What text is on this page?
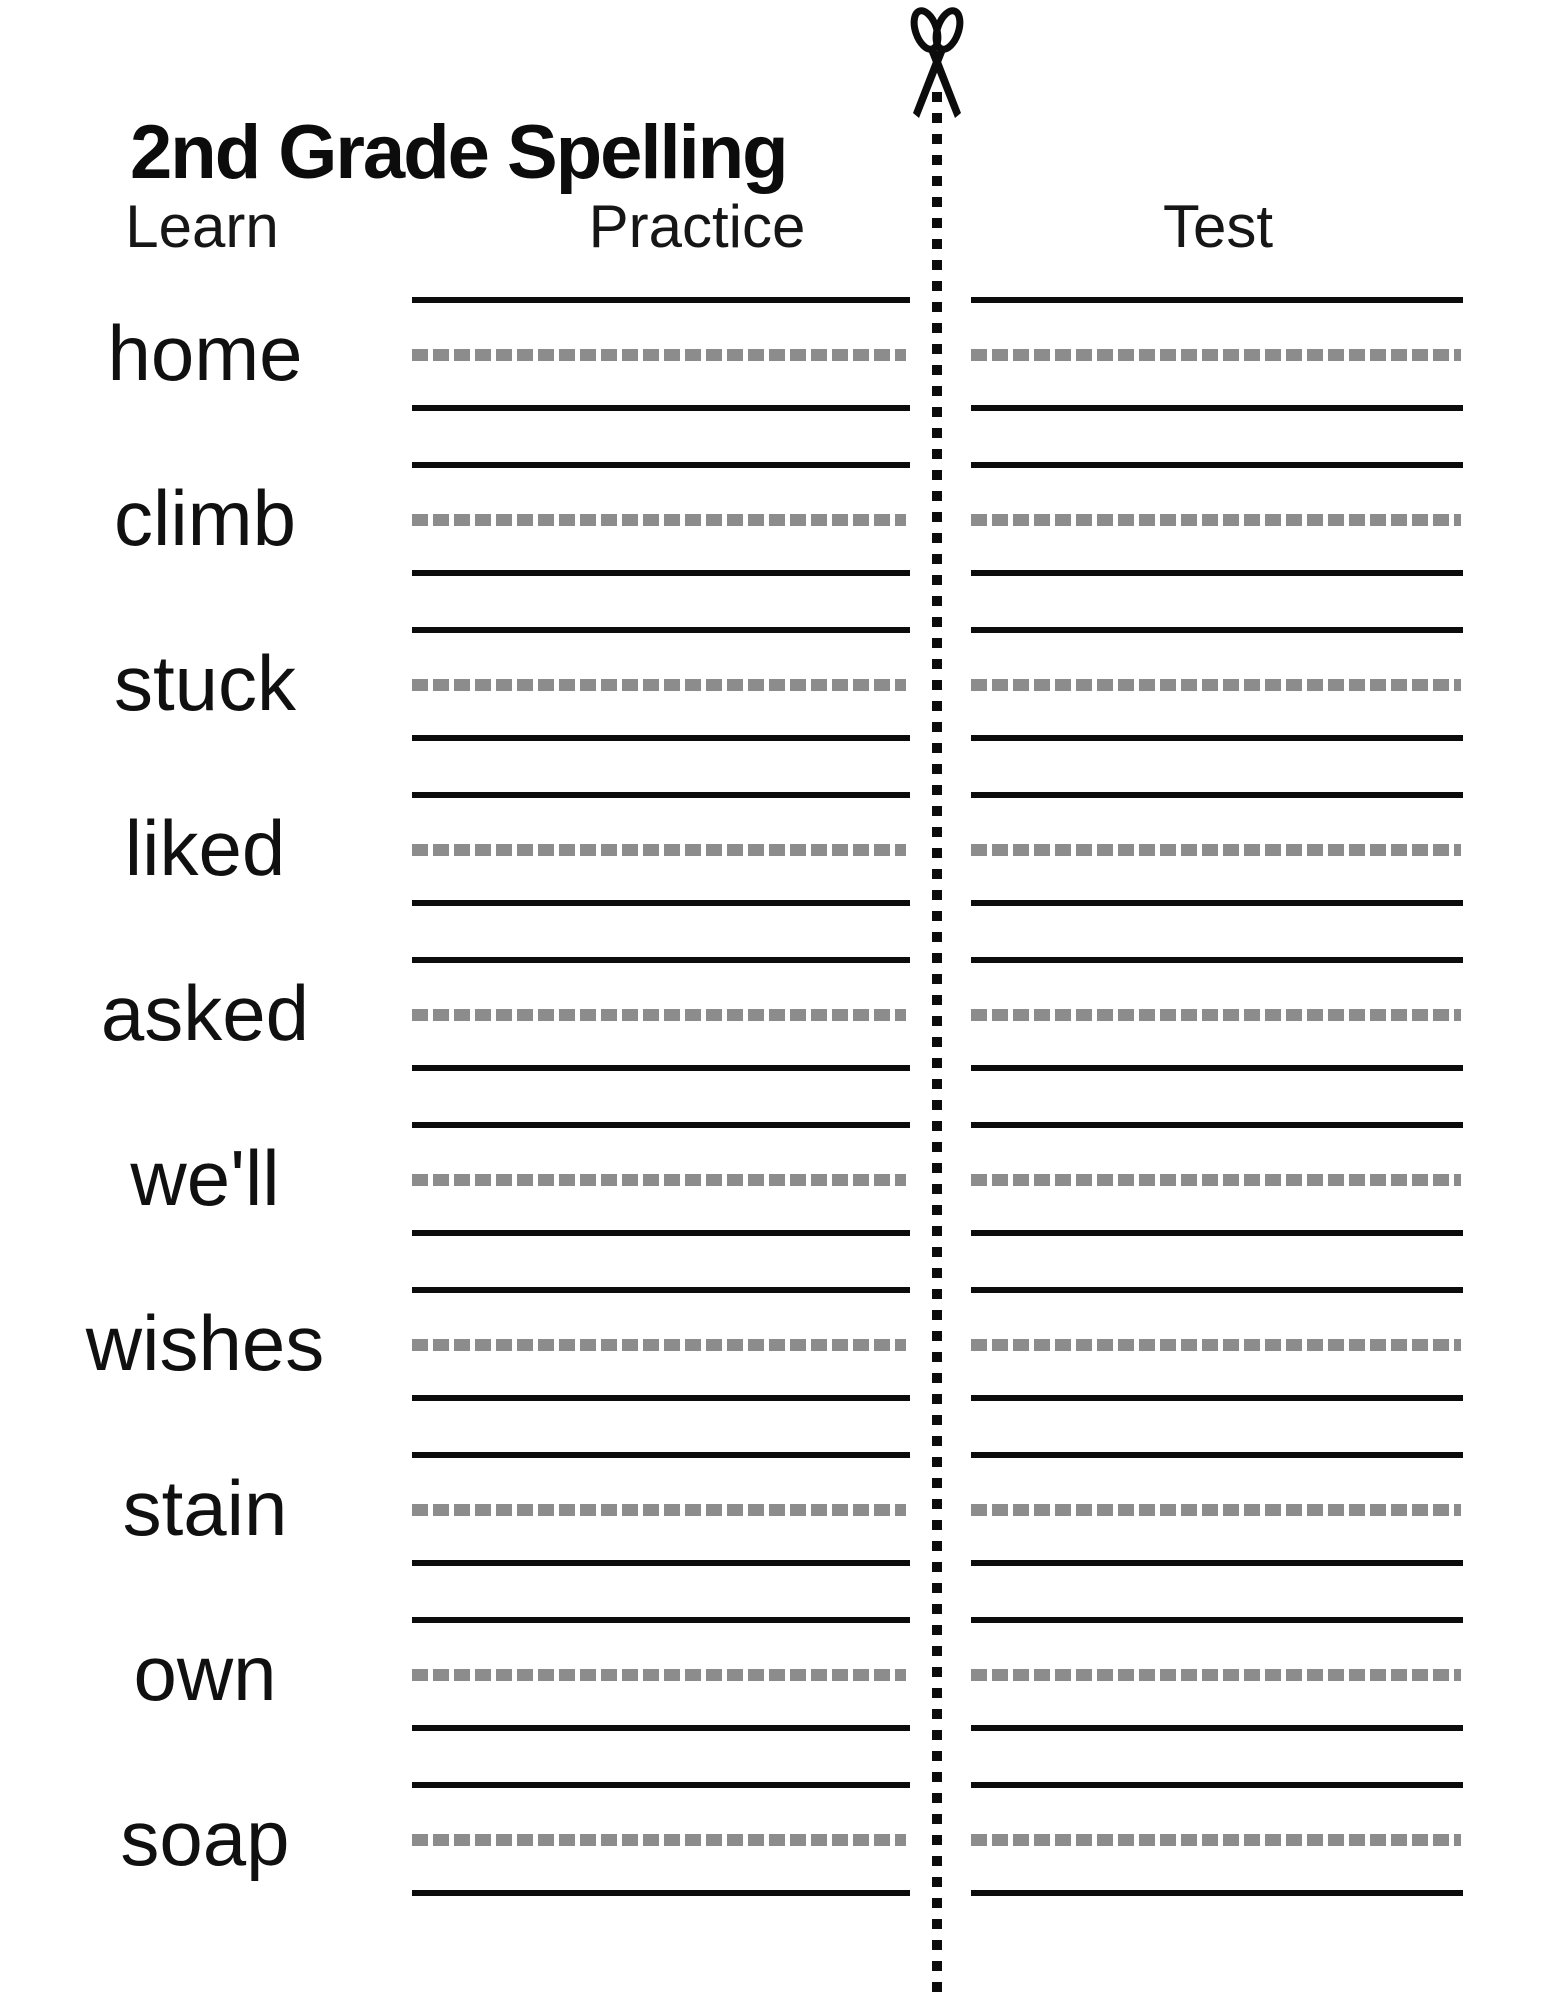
2nd Grade Spelling
Learn	Practice	Test
home
climb
stuck
liked
asked
we'll
wishes
stain
own
soap
